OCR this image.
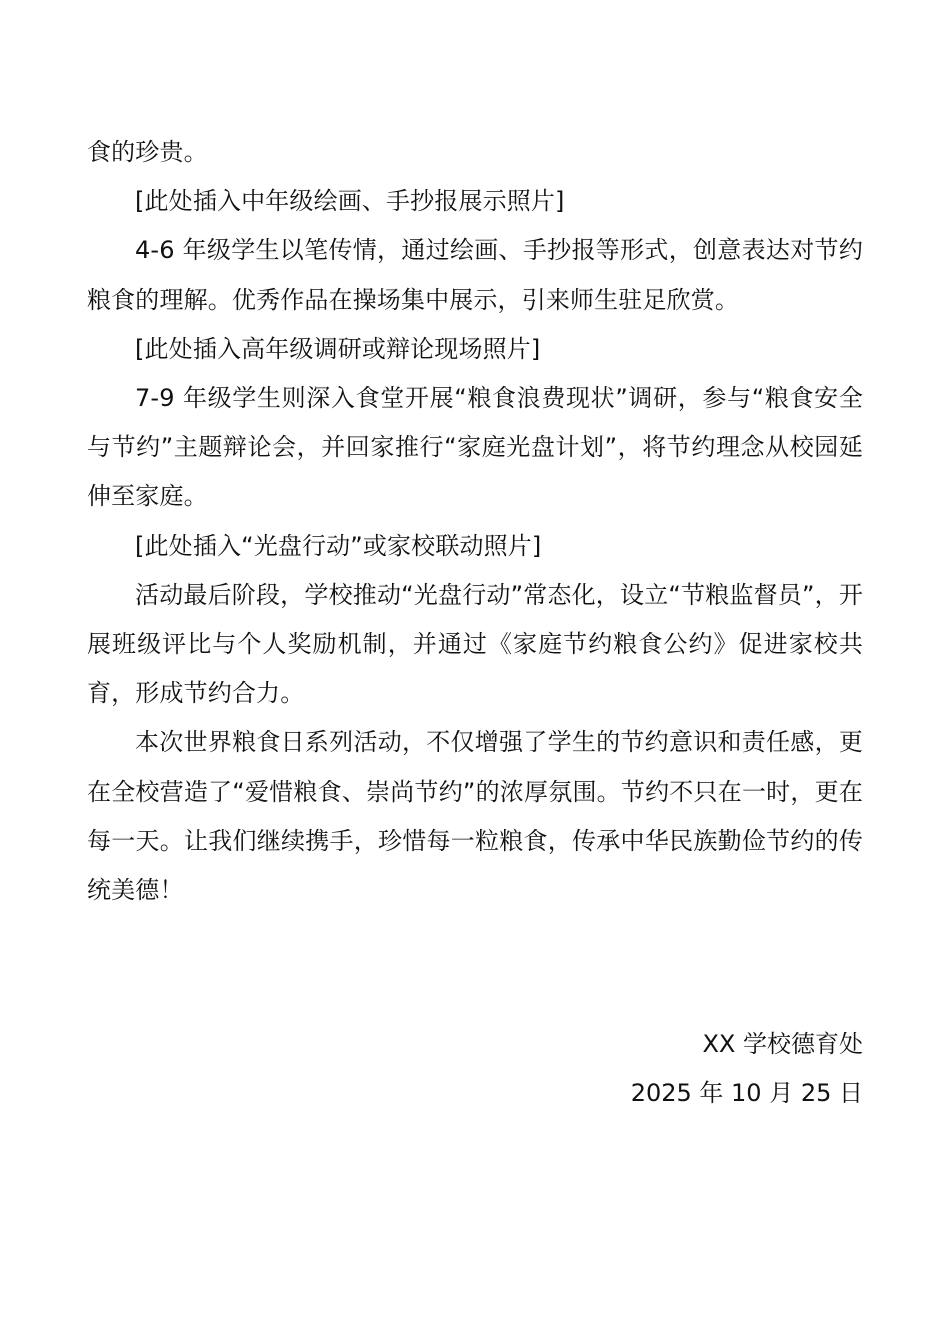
食的珍贵。

[此处插入中年级绘画、手抄报展示照片]

4-6 年级学生以笔传情，通过绘画、手抄报等形式，创意表达对节约粮食的理解。优秀作品在操场集中展示，引来师生驻足欣赏。

[此处插入高年级调研或辩论现场照片]

7-9 年级学生则深入食堂开展“粮食浪费现状”调研，参与“粮食安全与节约”主题辩论会，并回家推行“家庭光盘计划”，将节约理念从校园延伸至家庭。

[此处插入“光盘行动”或家校联动照片]

活动最后阶段，学校推动“光盘行动”常态化，设立“节粮监督员”，开展班级评比与个人奖励机制，并通过《家庭节约粮食公约》促进家校共育，形成节约合力。

本次世界粮食日系列活动，不仅增强了学生的节约意识和责任感，更在全校营造了“爱惜粮食、崇尚节约”的浓厚氛围。节约不只在一时，更在每一天。让我们继续携手，珍惜每一粒粮食，传承中华民族勤俭节约的传统美德！

XX 学校德育处
2025 年 10 月 25 日
